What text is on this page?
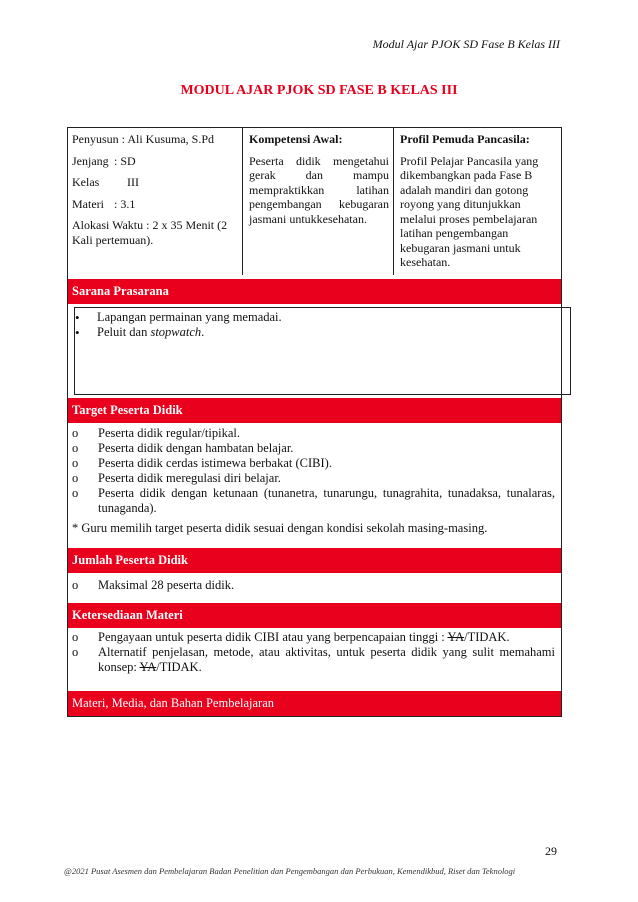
Modul Ajar PJOK SD Fase B Kelas III
MODUL AJAR PJOK SD FASE B KELAS III
Penyusun : Ali Kusuma, S.Pd
Jenjang : SD
Kelas III
Materi : 3.1
Alokasi Waktu : 2 x 35 Menit (2 Kali pertemuan).
Kompetensi Awal:
Peserta didik mengetahui gerak dan mampu mempraktikkan latihan pengembangan kebugaran jasmani untukkesehatan.
Profil Pemuda Pancasila:
Profil Pelajar Pancasila yang dikembangkan pada Fase B adalah mandiri dan gotong royong yang ditunjukkan melalui proses pembelajaran latihan pengembangan kebugaran jasmani untuk kesehatan.
Sarana Prasarana
• Lapangan permainan yang memadai.
• Peluit dan stopwatch.
Target Peserta Didik
o Peserta didik regular/tipikal.
o Peserta didik dengan hambatan belajar.
o Peserta didik cerdas istimewa berbakat (CIBI).
o Peserta didik meregulasi diri belajar.
o Peserta didik dengan ketunaan (tunanetra, tunarungu, tunagrahita, tunadaksa, tunalaras, tunaganda).
* Guru memilih target peserta didik sesuai dengan kondisi sekolah masing-masing.
Jumlah Peserta Didik
o Maksimal 28 peserta didik.
Ketersediaan Materi
o Pengayaan untuk peserta didik CIBI atau yang berpencapaian tinggi : YA/TIDAK.
o Alternatif penjelasan, metode, atau aktivitas, untuk peserta didik yang sulit memahami konsep: YA/TIDAK.
Materi, Media, dan Bahan Pembelajaran
29
@2021 Pusat Asesmen dan Pembelajaran Badan Penelitian dan Pengembangan dan Perbukuan, Kemendikbud, Riset dan Teknologi
